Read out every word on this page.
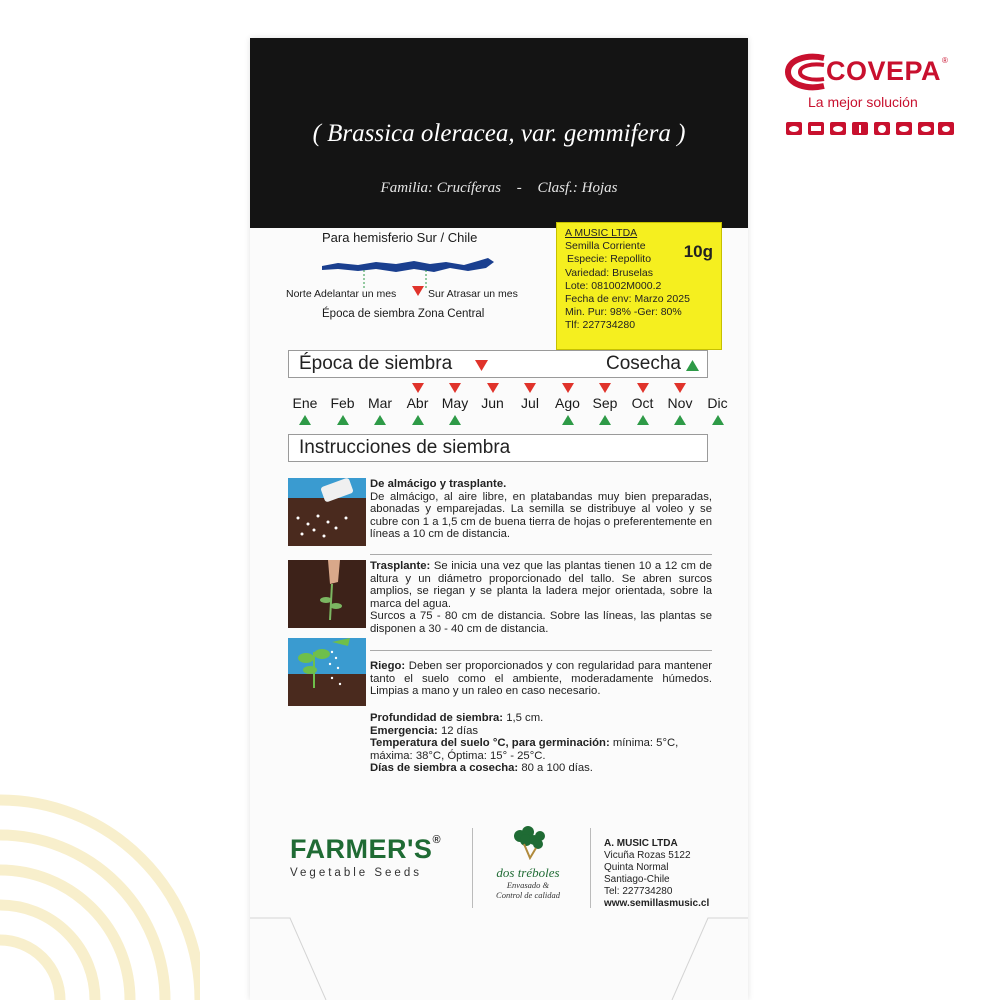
COVEPA ®
La mejor solución
( Brassica oleracea, var. gemmifera )
Familia: Crucíferas - Clasf.: Hojas
Para hemisferio Sur / Chile
Norte Adelantar un mes	Sur Atrasar un mes
Época de siembra Zona Central
A MUSIC LTDA
Semilla Corriente
Especie: Repollito	10g
Variedad: Bruselas
Lote: 081002M000.2
Fecha de env: Marzo 2025
Min. Pur: 98% -Ger: 80%
Tlf: 227734280
Época de siembra	Cosecha
Ene Feb Mar	Abr May Jun	Jul	Ago Sep	Oct	Nov	Dic
Instrucciones de siembra
De almácigo y trasplante.
De almácigo, al aire libre, en platabandas muy bien preparadas, abonadas y emparejadas. La semilla se distribuye al voleo y se cubre con 1 a 1,5 cm de buena tierra de hojas o preferentemente en líneas a 10 cm de distancia.
Trasplante: Se inicia una vez que las plantas tienen 10 a 12 cm de altura y un diámetro proporcionado del tallo. Se abren surcos amplios, se riegan y se planta la ladera mejor orientada, sobre la marca del agua.
Surcos a 75 - 80 cm de distancia. Sobre las líneas, las plantas se disponen a 30 - 40 cm de distancia.
Riego: Deben ser proporcionados y con regularidad para mantener tanto el suelo como el ambiente, moderadamente húmedos. Limpias a mano y un raleo en caso necesario.
Profundidad de siembra: 1,5 cm.
Emergencia: 12 días
Temperatura del suelo °C, para germinación: mínima: 5°C, máxima: 38°C, Óptima: 15° - 25°C.
Días de siembra a cosecha: 80 a 100 días.
FARMER'S®
Vegetable Seeds	dos tréboles
Envasado &
Control de calidad
A. MUSIC LTDA
Vicuña Rozas 5122
Quinta Normal
Santiago-Chile
Tel: 227734280
www.semillasmusic.cl
